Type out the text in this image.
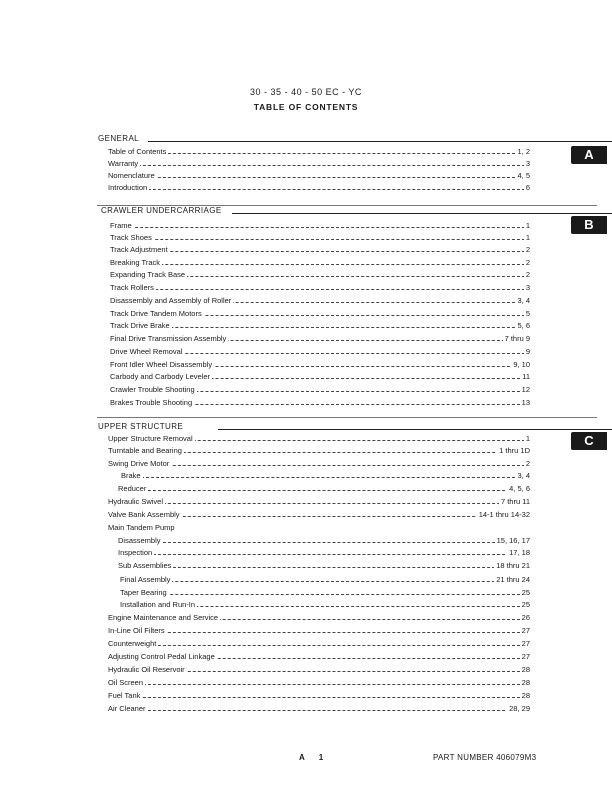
30 - 35 - 40 - 50 EC - YC
TABLE OF CONTENTS
GENERAL
A
Table of Contents	1, 2
Warranty	3
Nomenclature	4, 5
Introduction	6
CRAWLER UNDERCARRIAGE
B
Frame	1
Track Shoes	1
Track Adjustment	2
Breaking Track	2
Expanding Track Base	2
Track Rollers	3
Disassembly and Assembly of Roller	3, 4
Track Drive Tandem Motors	5
Track Drive Brake	5, 6
Final Drive Transmission Assembly	7 thru 9
Drive Wheel Removal	9
Front Idler Wheel Disassembly	9, 10
Carbody and Carbody Leveler	11
Crawler Trouble Shooting	12
Brakes Trouble Shooting	13
UPPER STRUCTURE
C
Upper Structure Removal	1
Turntable and Bearing	1 thru 1D
Swing Drive Motor	2
Brake	3, 4
Reducer	4, 5, 6
Hydraulic Swivel	7 thru 11
Valve Bank Assembly	14-1 thru 14-32
Main Tandem Pump
Disassembly	15, 16, 17
Inspection	17, 18
Sub Assemblies	18 thru 21
Final Assembly	21 thru 24
Taper Bearing	25
Installation and Run-In	25
Engine Maintenance and Service	26
In-Line Oil Filters	27
Counterweight	27
Adjusting Control Pedal Linkage	27
Hydraulic Oil Reservoir	28
Oil Screen	28
Fuel Tank	28
Air Cleaner	28, 29
A 1	PART NUMBER 406079M3
